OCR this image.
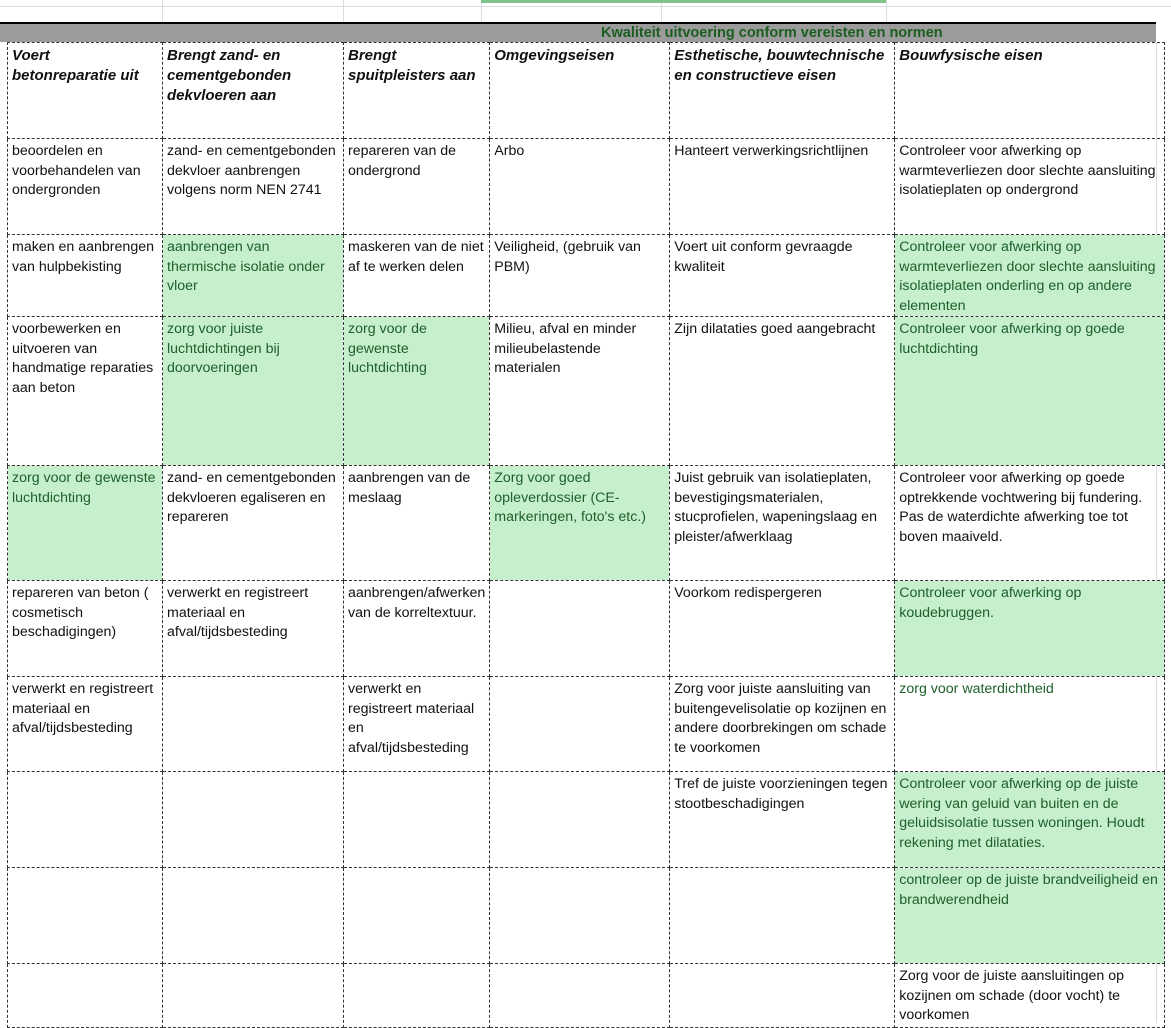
Kwaliteit uitvoering conform vereisten en normen
Voert betonreparatie uit	Brengt zand- en cementgebonden dekvloeren aan	Brengt spuitpleisters aan	Omgevingseisen	Esthetische, bouwtechnische en constructieve eisen	Bouwfysische eisen
beoordelen en voorbehandelen van ondergronden	zand- en cementgebonden dekvloer aanbrengen volgens norm NEN 2741	repareren van de ondergrond	Arbo	Hanteert verwerkingsrichtlijnen	Controleer voor afwerking op warmteverliezen door slechte aansluiting isolatieplaten op ondergrond
maken en aanbrengen van hulpbekisting	aanbrengen van thermische isolatie onder vloer	maskeren van de niet af te werken delen	Veiligheid, (gebruik van PBM)	Voert uit conform gevraagde kwaliteit	Controleer voor afwerking op warmteverliezen door slechte aansluiting isolatieplaten onderling en op andere elementen
voorbewerken en uitvoeren van handmatige reparaties aan beton	zorg voor juiste luchtdichtingen bij doorvoeringen	zorg voor de gewenste luchtdichting	Milieu, afval en minder milieubelastende materialen	Zijn dilataties goed aangebracht	Controleer voor afwerking op goede luchtdichting
zorg voor de gewenste luchtdichting	zand- en cementgebonden dekvloeren egaliseren en repareren	aanbrengen van de meslaag	Zorg voor goed opleverdossier (CE-markeringen, foto's etc.)	Juist gebruik van isolatieplaten, bevestigingsmaterialen, stucprofielen, wapeningslaag en pleister/afwerklaag	Controleer voor afwerking op goede optrekkende vochtwering bij fundering. Pas de waterdichte afwerking toe tot boven maaiveld.
repareren van beton ( cosmetisch beschadigingen)	verwerkt en registreert materiaal en afval/tijdsbesteding	aanbrengen/afwerken van de korreltextuur.		Voorkom redispergeren	Controleer voor afwerking op koudebruggen.
verwerkt en registreert materiaal en afval/tijdsbesteding		verwerkt en registreert materiaal en afval/tijdsbesteding		Zorg voor juiste aansluiting van buitengevelisolatie op kozijnen en andere doorbrekingen om schade te voorkomen	zorg voor waterdichtheid
				Tref de juiste voorzieningen tegen stootbeschadigingen	Controleer voor afwerking op de juiste wering van geluid van buiten en de geluidsisolatie tussen woningen. Houdt rekening met dilataties.
					controleer op de juiste brandveiligheid en brandwerendheid
					Zorg voor de juiste aansluitingen op kozijnen om schade (door vocht) te voorkomen
